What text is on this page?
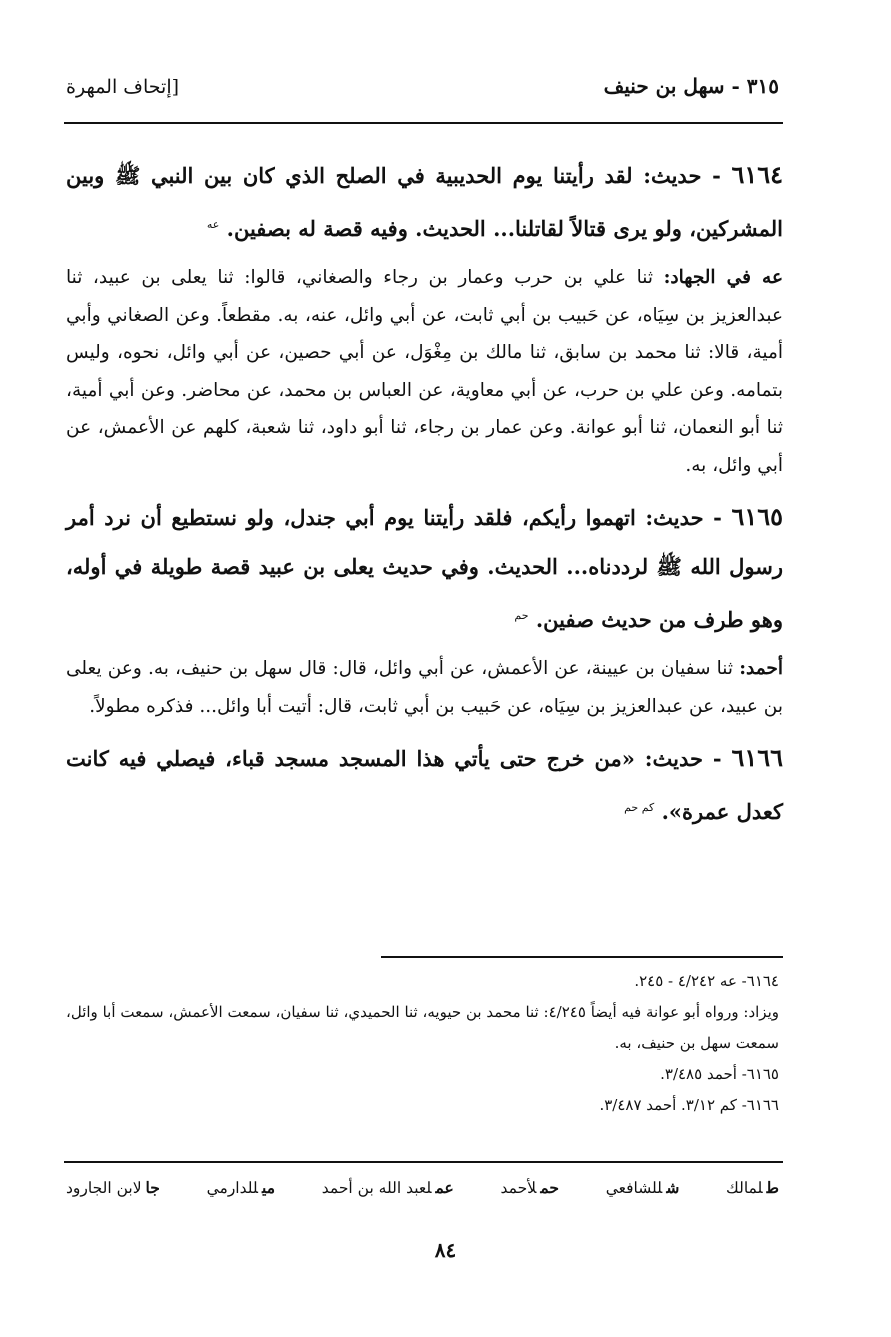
٣١٥ - سهل بن حنيف
[إتحاف المهرة

٦١٦٤ - حديث: لقد رأيتنا يوم الحديبية في الصلح الذي كان بين النبي ﷺ وبين المشركين، ولو يرى قتالاً لقاتلنا... الحديث. وفيه قصة له بصفين. $^{عه}$

عه في الجهاد: ثنا علي بن حرب وعمار بن رجاء والصغاني، قالوا: ثنا يعلى بن عبيد، ثنا عبدالعزيز بن سِيَاه، عن حَبيب بن أبي ثابت، عن أبي وائل، عنه، به. مقطعاً. وعن الصغاني وأبي أمية، قالا: ثنا محمد بن سابق، ثنا مالك بن مِغْوَل، عن أبي حصين، عن أبي وائل، نحوه، وليس بتمامه. وعن علي بن حرب، عن أبي معاوية، عن العباس بن محمد، عن محاضر. وعن أبي أمية، ثنا أبو النعمان، ثنا أبو عوانة. وعن عمار بن رجاء، ثنا أبو داود، ثنا شعبة، كلهم عن الأعمش، عن أبي وائل، به.

٦١٦٥ - حديث: اتهموا رأيكم، فلقد رأيتنا يوم أبي جندل، ولو نستطيع أن نرد أمر رسول الله ﷺ لرددناه... الحديث. وفي حديث يعلى بن عبيد قصة طويلة في أوله، وهو طرف من حديث صفين. $^{حم}$

أحمد: ثنا سفيان بن عيينة، عن الأعمش، عن أبي وائل، قال: قال سهل بن حنيف، به. وعن يعلى بن عبيد، عن عبدالعزيز بن سِيَاه، عن حَبيب بن أبي ثابت، قال: أتيت أبا وائل... فذكره مطولاً.

٦١٦٦ - حديث: «من خرج حتى يأتي هذا المسجد مسجد قباء، فيصلي فيه كانت كعدل عمرة». $^{كم حم}$

٦١٦٤- عه ٤/٢٤٢ - ٢٤٥.

ويزاد: ورواه أبو عوانة فيه أيضاً ٤/٢٤٥: ثنا محمد بن حيويه، ثنا الحميدي، ثنا سفيان، سمعت الأعمش، سمعت أبا وائل، سمعت سهل بن حنيف، به.

٦١٦٥- أحمد ٣/٤٨٥.

٦١٦٦- كم ٣/١٢. أحمد ٣/٤٨٧.

طلمالك
شللشافعي
حملأحمد
عملعبد الله بن أحمد
ميللدارمي
جالابن الجارود
٨٤
